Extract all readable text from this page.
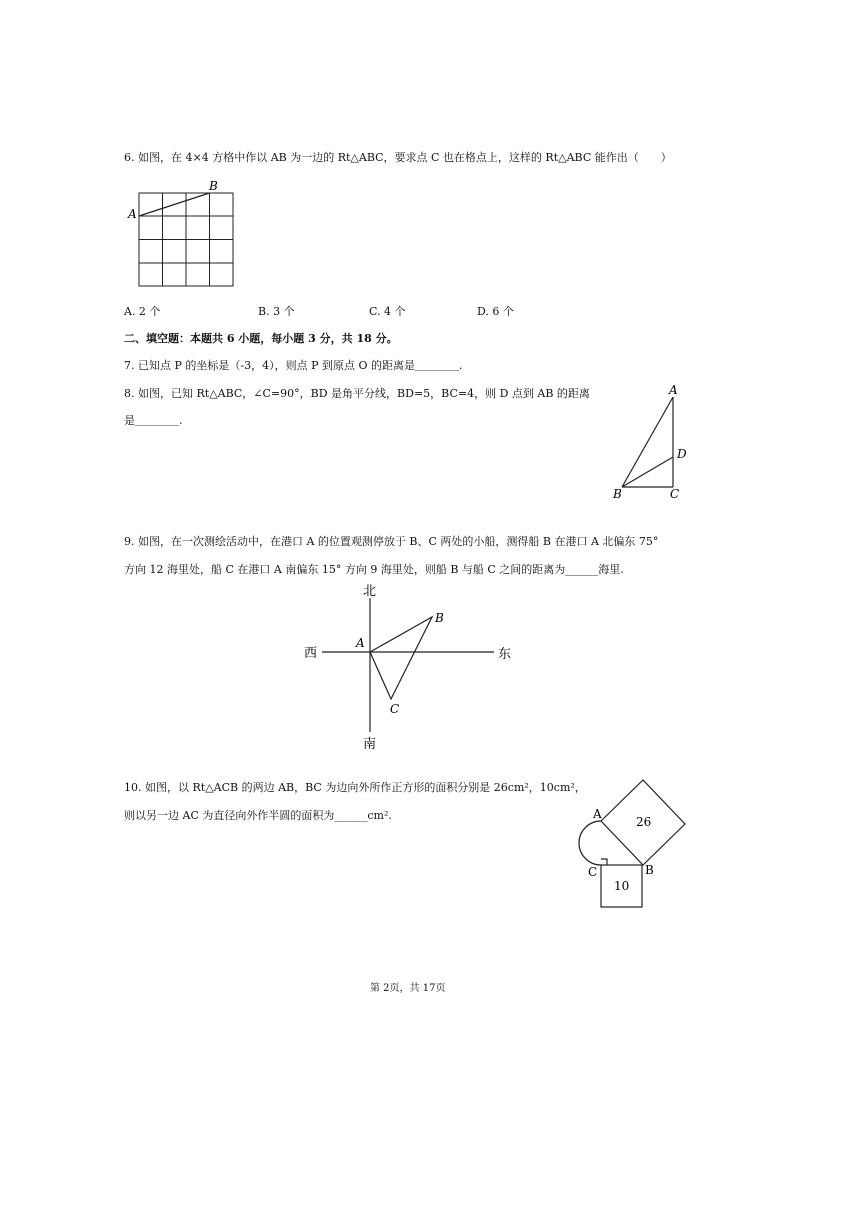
6. 如图，在 4×4 方格中作以 AB 为一边的 Rt△ABC，要求点 C 也在格点上，这样的 Rt△ABC 能作出（　　）
A
B
A. 2 个	B. 3 个	C. 4 个	D. 6 个
二、填空题：本题共 6 小题，每小题 3 分，共 18 分。
7. 已知点 P 的坐标是（-3，4），则点 P 到原点 O 的距离是＿＿＿＿.
8. 如图，已知 Rt△ABC，∠C=90°，BD 是角平分线，BD=5，BC=4，则 D 点到 AB 的距离
是＿＿＿＿.
A
D
B	C
9. 如图，在一次测绘活动中，在港口 A 的位置观测停放于 B、C 两处的小船，测得船 B 在港口 A 北偏东 75°
方向 12 海里处，船 C 在港口 A 南偏东 15° 方向 9 海里处，则船 B 与船 C 之间的距离为______海里.
北
南
西	东
A
B
C
10. 如图，以 Rt△ACB 的两边 AB，BC 为边向外所作正方形的面积分别是 26cm²，10cm²，
则以另一边 AC 为直径向外作半圆的面积为______cm².	26
10
A
C	B
第 2页，共 17页
